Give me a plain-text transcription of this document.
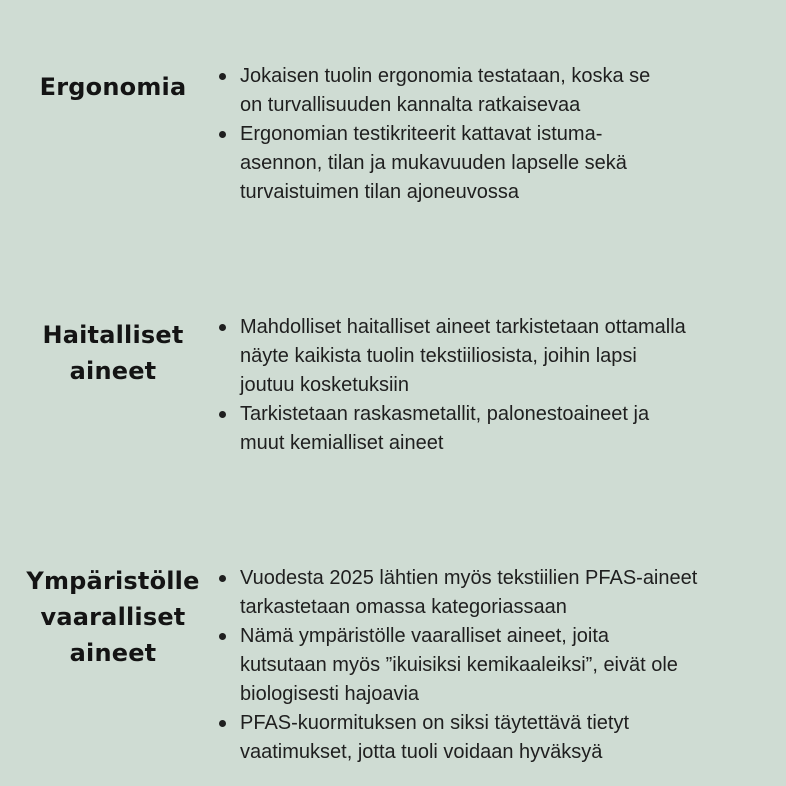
Ergonomia	Jokaisen tuolin ergonomia testataan, koska se
on turvallisuuden kannalta ratkaisevaa
Ergonomian testikriteerit kattavat istuma-
asennon, tilan ja mukavuuden lapselle sekä
turvaistuimen tilan ajoneuvossa
Haitalliset
aineet
Mahdolliset haitalliset aineet tarkistetaan ottamalla
näyte kaikista tuolin tekstiiliosista, joihin lapsi
joutuu kosketuksiin
Tarkistetaan raskasmetallit, palonestoaineet ja
muut kemialliset aineet
Ympäristölle
vaaralliset
aineet
Vuodesta 2025 lähtien myös tekstiilien PFAS-aineet
tarkastetaan omassa kategoriassaan
Nämä ympäristölle vaaralliset aineet, joita
kutsutaan myös ”ikuisiksi kemikaaleiksi”, eivät ole
biologisesti hajoavia
PFAS-kuormituksen on siksi täytettävä tietyt
vaatimukset, jotta tuoli voidaan hyväksyä
